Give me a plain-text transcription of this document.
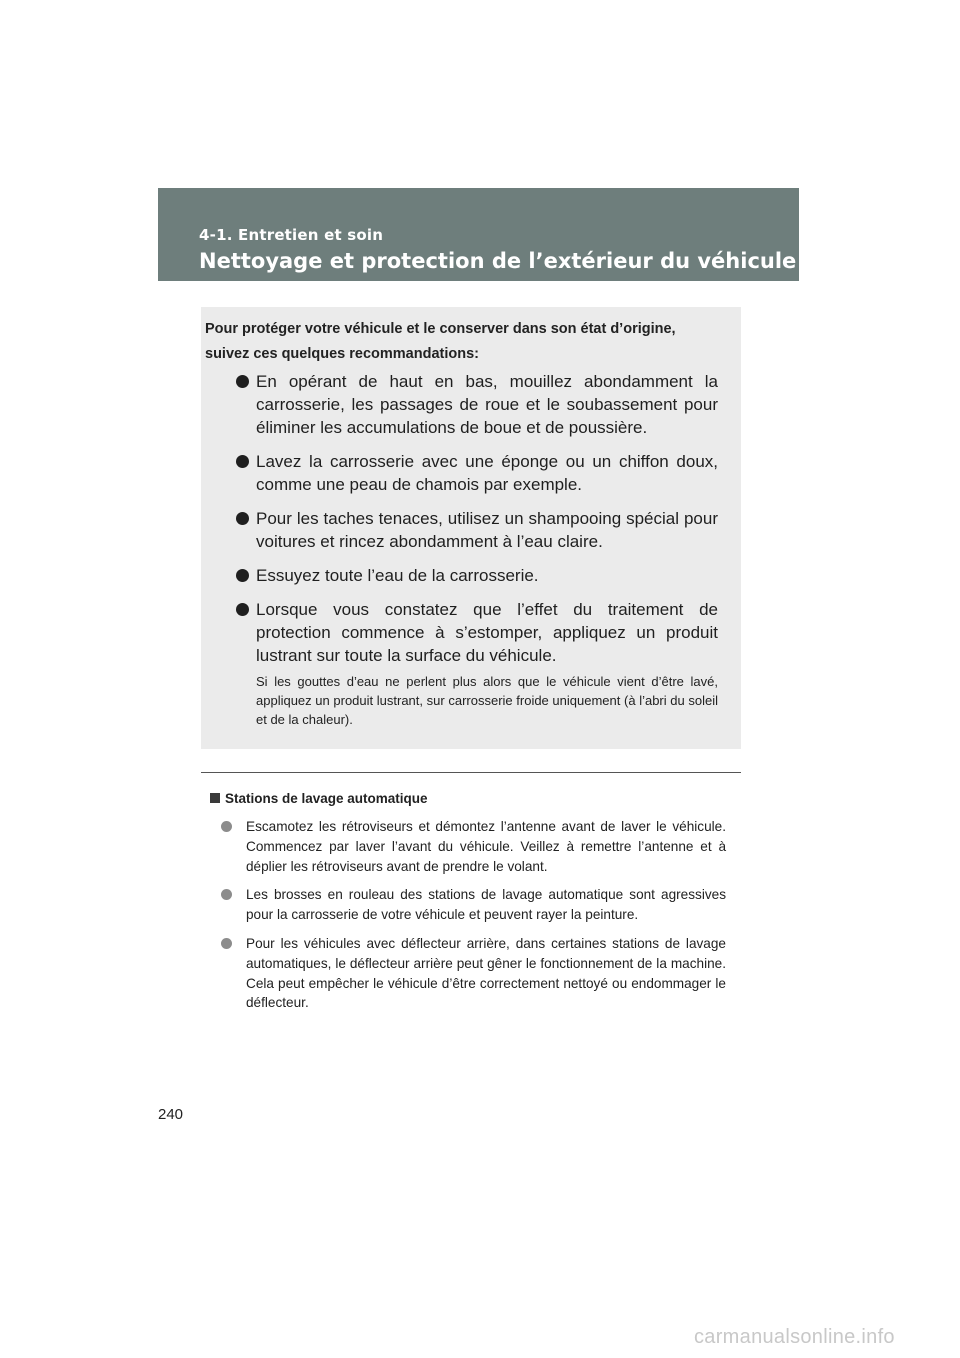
4-1. Entretien et soin
Nettoyage et protection de l’extérieur du véhicule
Pour protéger votre véhicule et le conserver dans son état d’origine, suivez ces quelques recommandations:
En opérant de haut en bas, mouillez abondamment la carrosserie, les passages de roue et le soubassement pour éliminer les accumulations de boue et de poussière.
Lavez la carrosserie avec une éponge ou un chiffon doux, comme une peau de chamois par exemple.
Pour les taches tenaces, utilisez un shampooing spécial pour voitures et rincez abondamment à l’eau claire.
Essuyez toute l’eau de la carrosserie.
Lorsque vous constatez que l’effet du traitement de protection commence à s’estomper, appliquez un produit lustrant sur toute la surface du véhicule.
Si les gouttes d’eau ne perlent plus alors que le véhicule vient d’être lavé, appliquez un produit lustrant, sur carrosserie froide uniquement (à l’abri du soleil et de la chaleur).
Stations de lavage automatique
Escamotez les rétroviseurs et démontez l’antenne avant de laver le véhicule. Commencez par laver l’avant du véhicule. Veillez à remettre l’antenne et à déplier les rétroviseurs avant de prendre le volant.
Les brosses en rouleau des stations de lavage automatique sont agressives pour la carrosserie de votre véhicule et peuvent rayer la peinture.
Pour les véhicules avec déflecteur arrière, dans certaines stations de lavage automatiques, le déflecteur arrière peut gêner le fonctionnement de la machine. Cela peut empêcher le véhicule d’être correctement nettoyé ou endommager le déflecteur.
240
carmanualsonline.info
